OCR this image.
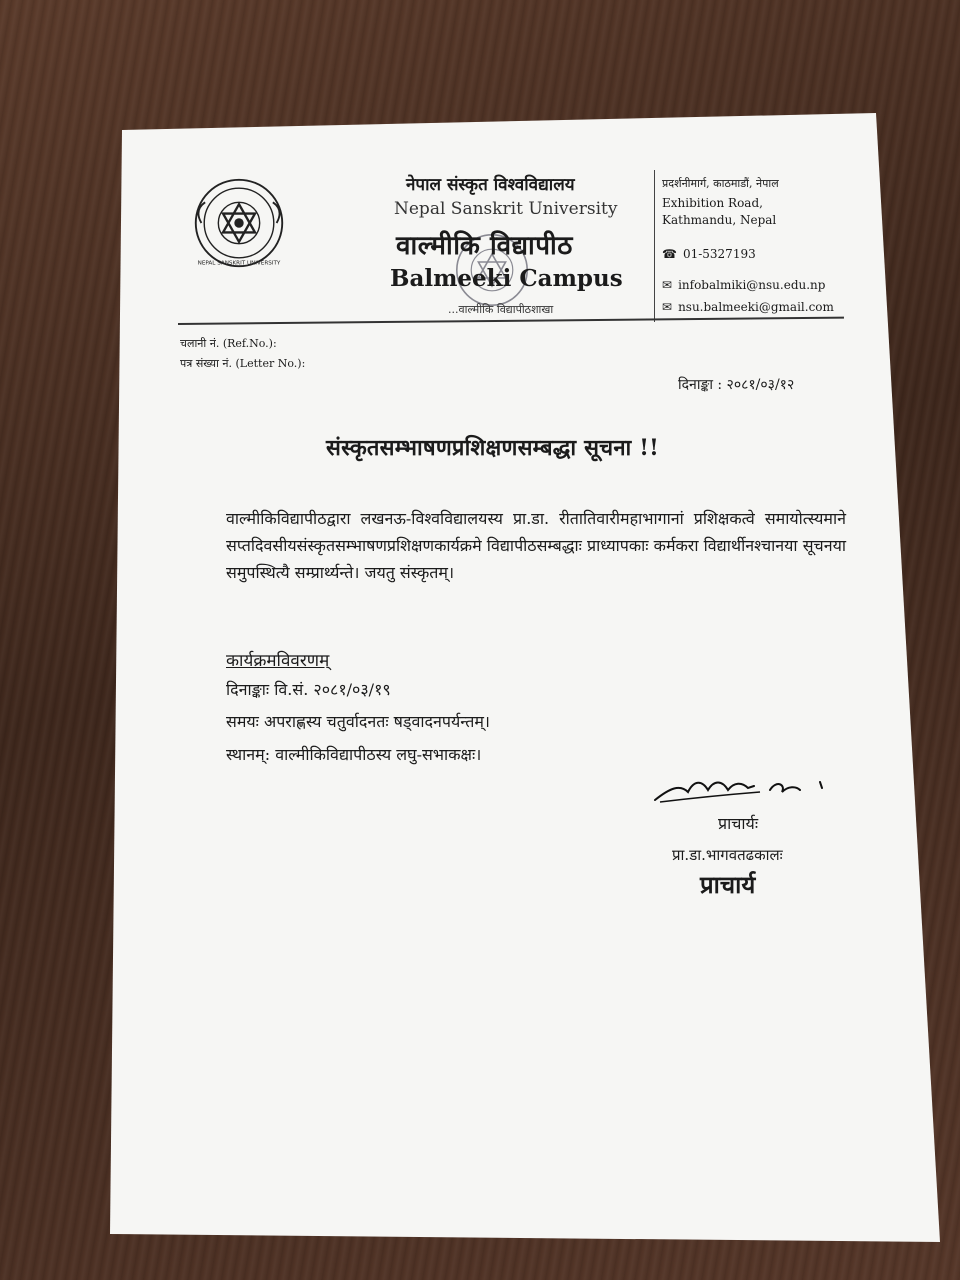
NEPAL SANSKRIT UNIVERSITY
नेपाल संस्कृत विश्वविद्यालय
Nepal Sanskrit University
वाल्मीकि विद्यापीठ
Balmeeki Campus
...वाल्मीकि विद्यापीठशाखा
प्रदर्शनीमार्ग, काठमाडौं, नेपाल
Exhibition Road,
Kathmandu, Nepal
☎ 01-5327193
✉ infobalmiki@nsu.edu.np
✉ nsu.balmeeki@gmail.com
चलानी नं. (Ref.No.):
पत्र संख्या नं. (Letter No.):
दिनाङ्का : २०८१/०३/१२
संस्कृतसम्भाषणप्रशिक्षणसम्बद्धा सूचना !!
वाल्मीकिविद्यापीठद्वारा लखनऊ-विश्वविद्यालयस्य प्रा.डा. रीतातिवारीमहाभागानां प्रशिक्षकत्वे समायोत्स्यमाने सप्तदिवसीयसंस्कृतसम्भाषणप्रशिक्षणकार्यक्रमे विद्यापीठसम्बद्धाः प्राध्यापकाः कर्मकरा विद्यार्थीनश्चानया सूचनया समुपस्थित्यै सम्प्रार्थ्यन्ते। जयतु संस्कृतम्।
कार्यक्रमविवरणम्
दिनाङ्काः वि.सं. २०८१/०३/१९
समयः अपराह्णस्य चतुर्वादनतः षड्वादनपर्यन्तम्।
स्थानम्: वाल्मीकिविद्यापीठस्य लघु-सभाकक्षः।
प्राचार्यः
प्रा.डा.भागवतढकालः
प्राचार्य
